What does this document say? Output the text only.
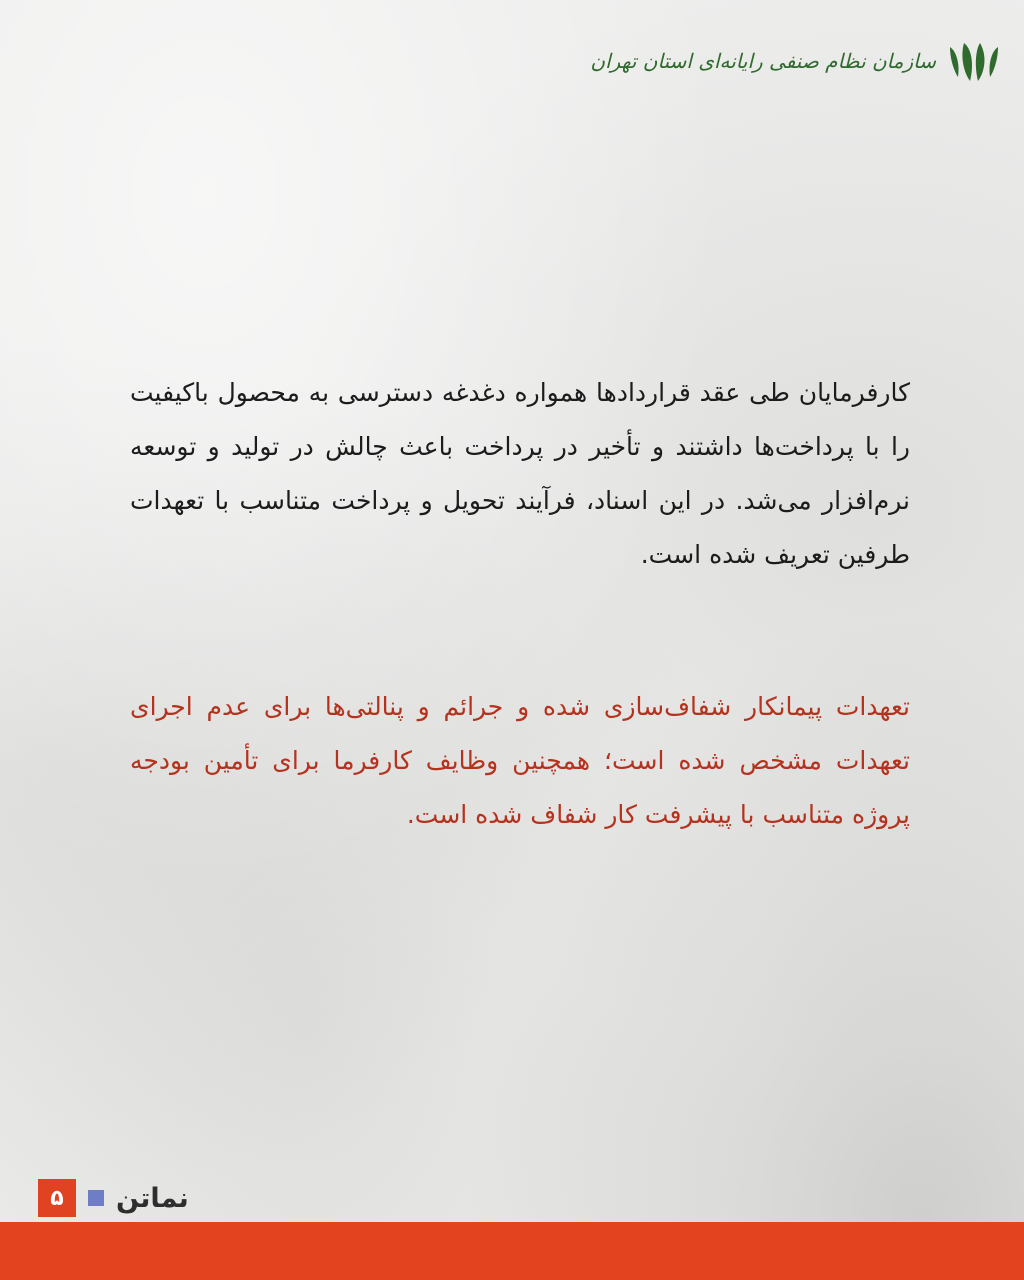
سازمان نظام صنفی رایانه‌ای استان تهران

کارفرمایان طی عقد قراردادها همواره دغدغه دسترسی به محصول باکیفیت را با پرداخت‌ها داشتند و تأخیر در پرداخت باعث چالش در تولید و توسعه نرم‌افزار می‌شد. در این اسناد، فرآیند تحویل و پرداخت متناسب با تعهدات طرفین تعریف شده است.

تعهدات پیمانکار شفاف‌سازی شده و جرائم و پنالتی‌ها برای عدم اجرای تعهدات مشخص شده است؛ همچنین وظایف کارفرما برای تأمین بودجه پروژه متناسب با پیشرفت کار شفاف شده است.

۵	نماتن
